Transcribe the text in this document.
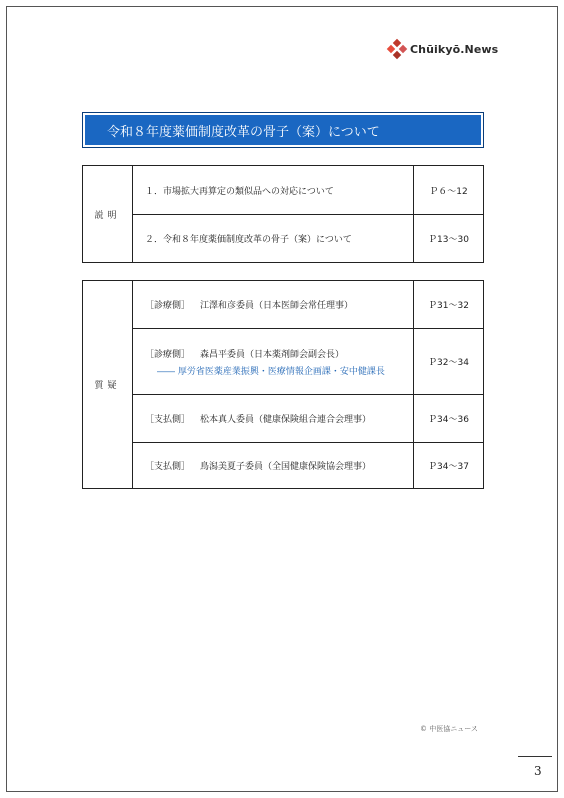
Chūikyō.News
令和８年度薬価制度改革の骨子（案）について
説明	１．市場拡大再算定の類似品への対応について	Ｐ６～12
	２．令和８年度薬価制度改革の骨子（案）について	Ｐ13～30
質疑	［診療側］ 江澤和彦委員（日本医師会常任理事）	Ｐ31～32

	［診療側］ 森昌平委員（日本薬剤師会副会長）
―― 厚労省医薬産業振興・医療情報企画課・安中健課長	Ｐ32～34
	［支払側］ 松本真人委員（健康保険組合連合会理事）	Ｐ34～36
	［支払側］ 鳥潟美夏子委員（全国健康保険協会理事）	Ｐ34～37
© 中医協ニュース
3
